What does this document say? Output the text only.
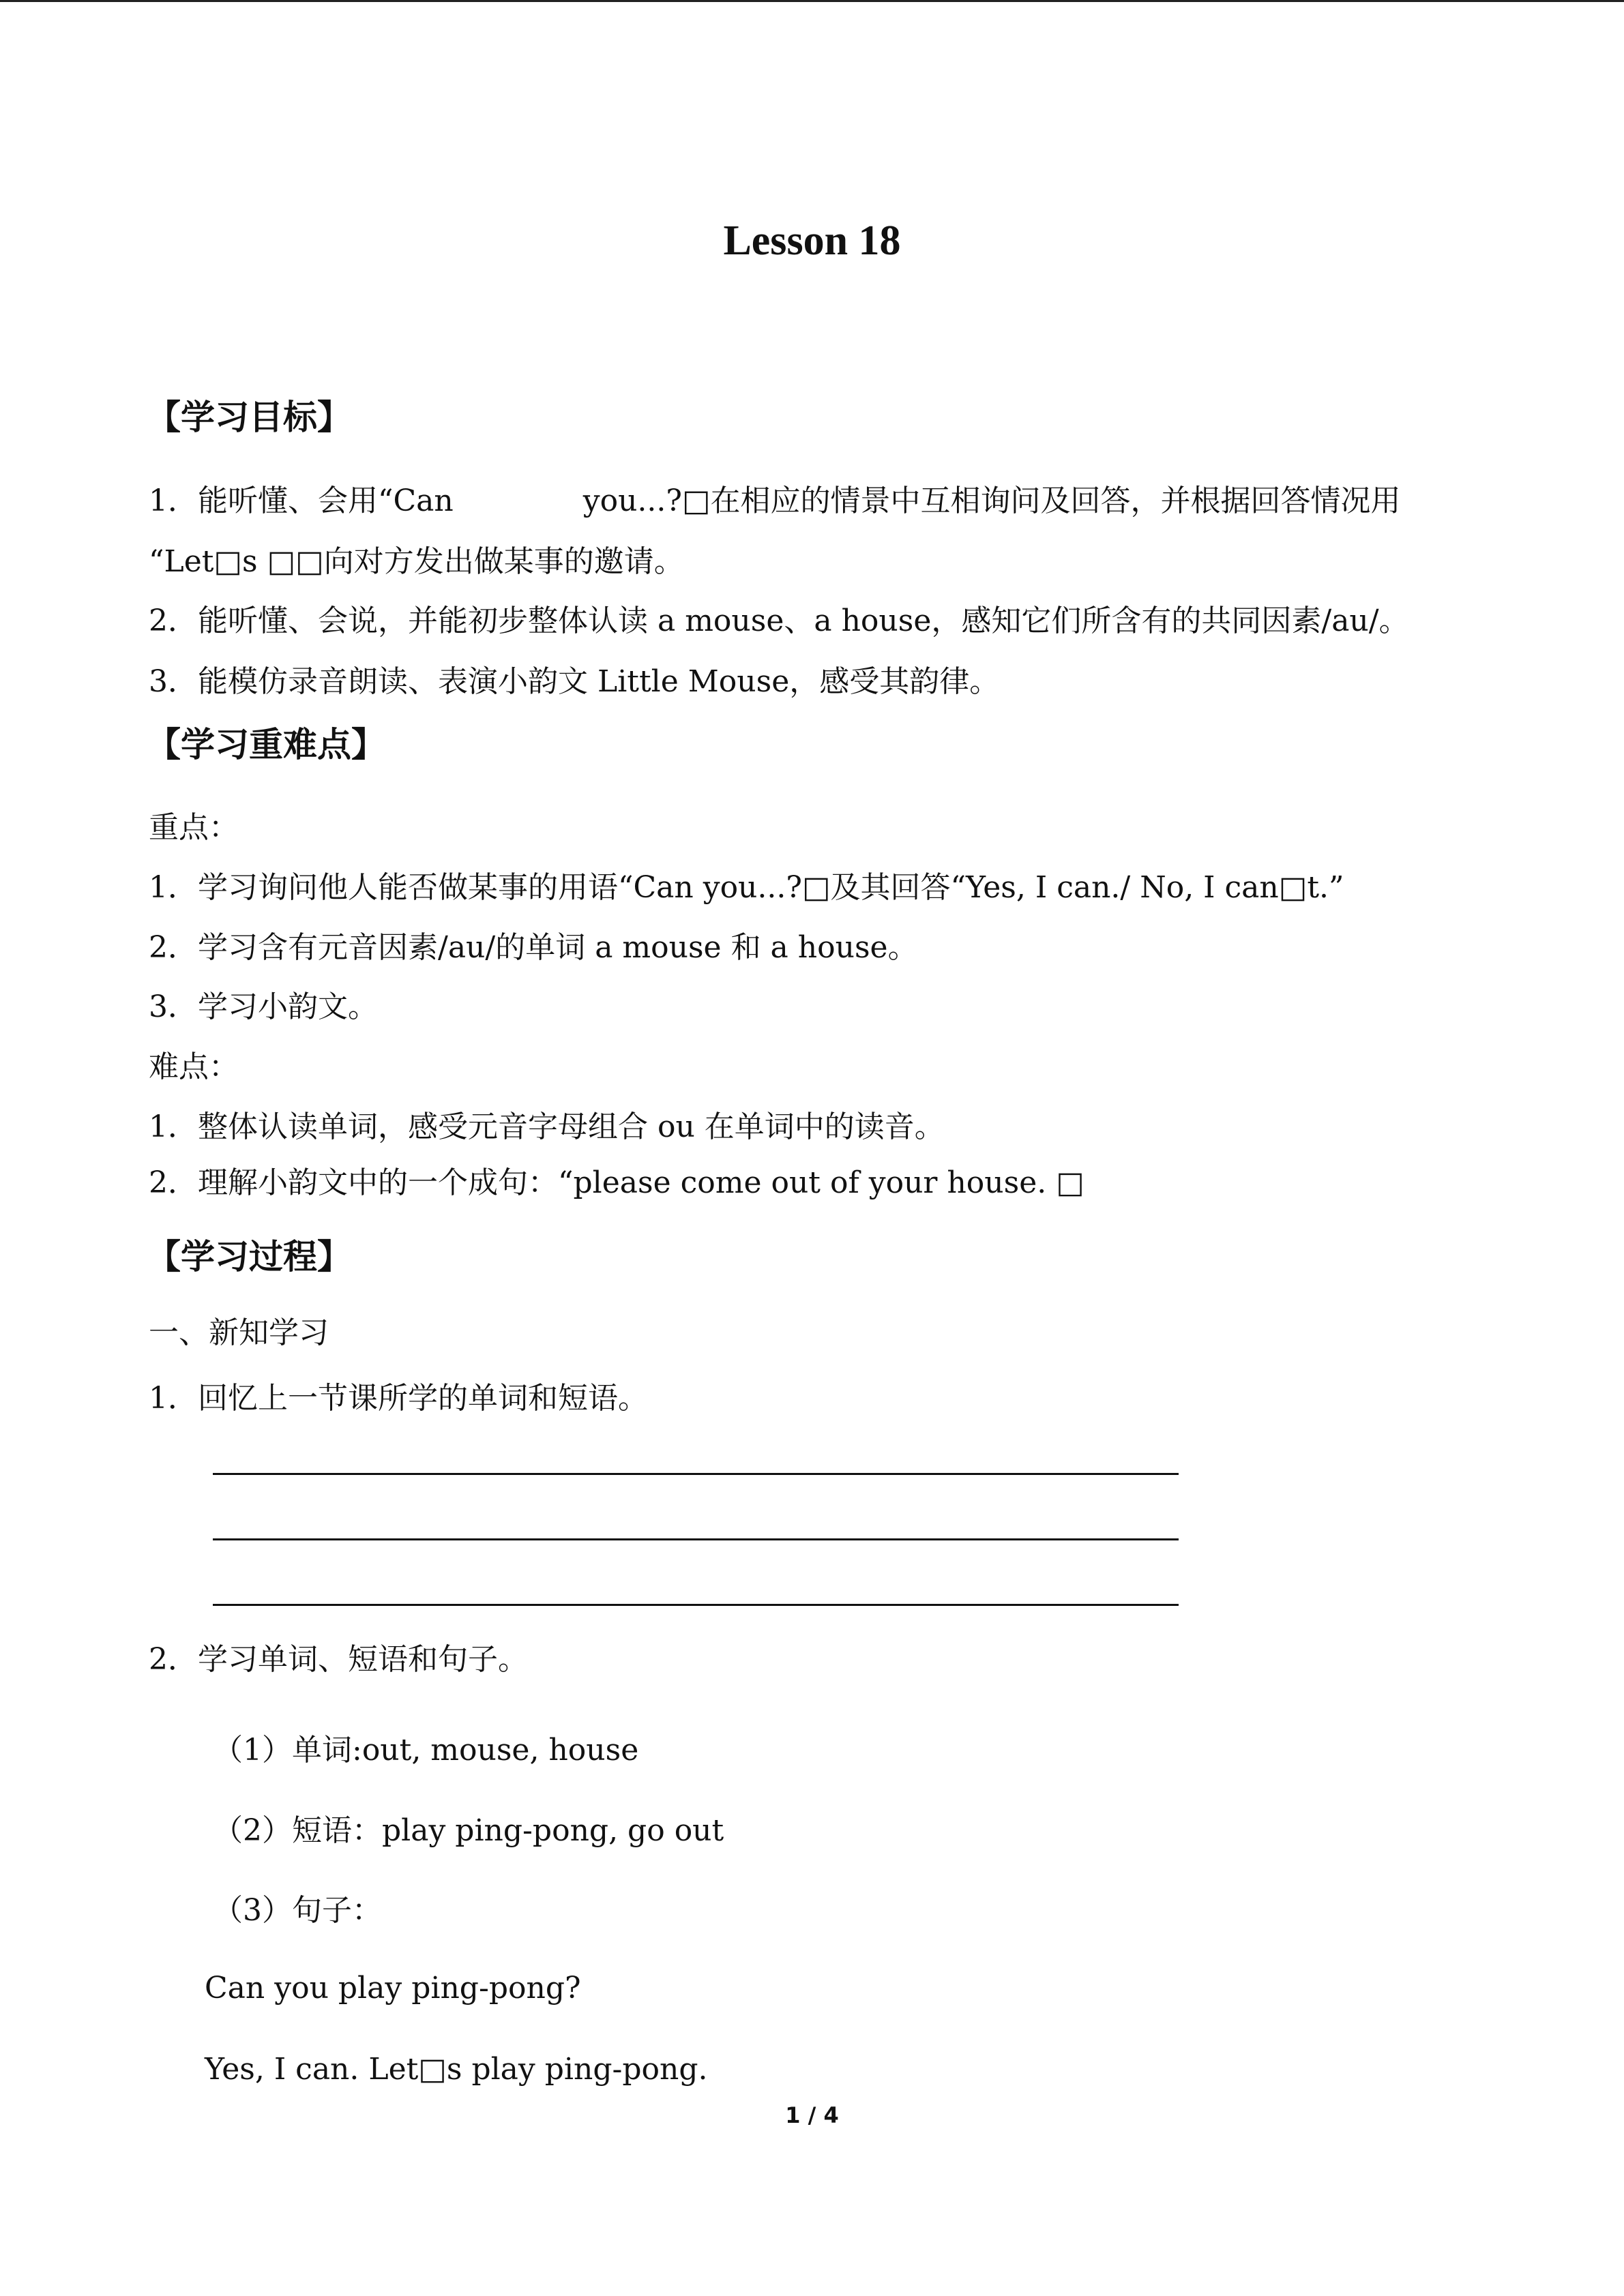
Lesson 18
【学习目标】
1．能听懂、会用“Can	you...?□在相应的情景中互相询问及回答，并根据回答情况用
“Let□s □□向对方发出做某事的邀请。
2．能听懂、会说，并能初步整体认读 a mouse、a house，感知它们所含有的共同因素/au/。
3．能模仿录音朗读、表演小韵文 Little Mouse，感受其韵律。
【学习重难点】
重点：
1．学习询问他人能否做某事的用语“Can you...?□及其回答“Yes, I can./ No, I can□t.”
2．学习含有元音因素/au/的单词 a mouse 和 a house。
3．学习小韵文。
难点：
1．整体认读单词，感受元音字母组合 ou 在单词中的读音。
2．理解小韵文中的一个成句：“please come out of your house. □
【学习过程】
一、新知学习
1．回忆上一节课所学的单词和短语。
2．学习单词、短语和句子。
（1）单词:out, mouse, house
（2）短语：play ping-pong, go out
（3）句子：
Can you play ping-pong?
Yes, I can. Let□s play ping-pong.
1 / 4
